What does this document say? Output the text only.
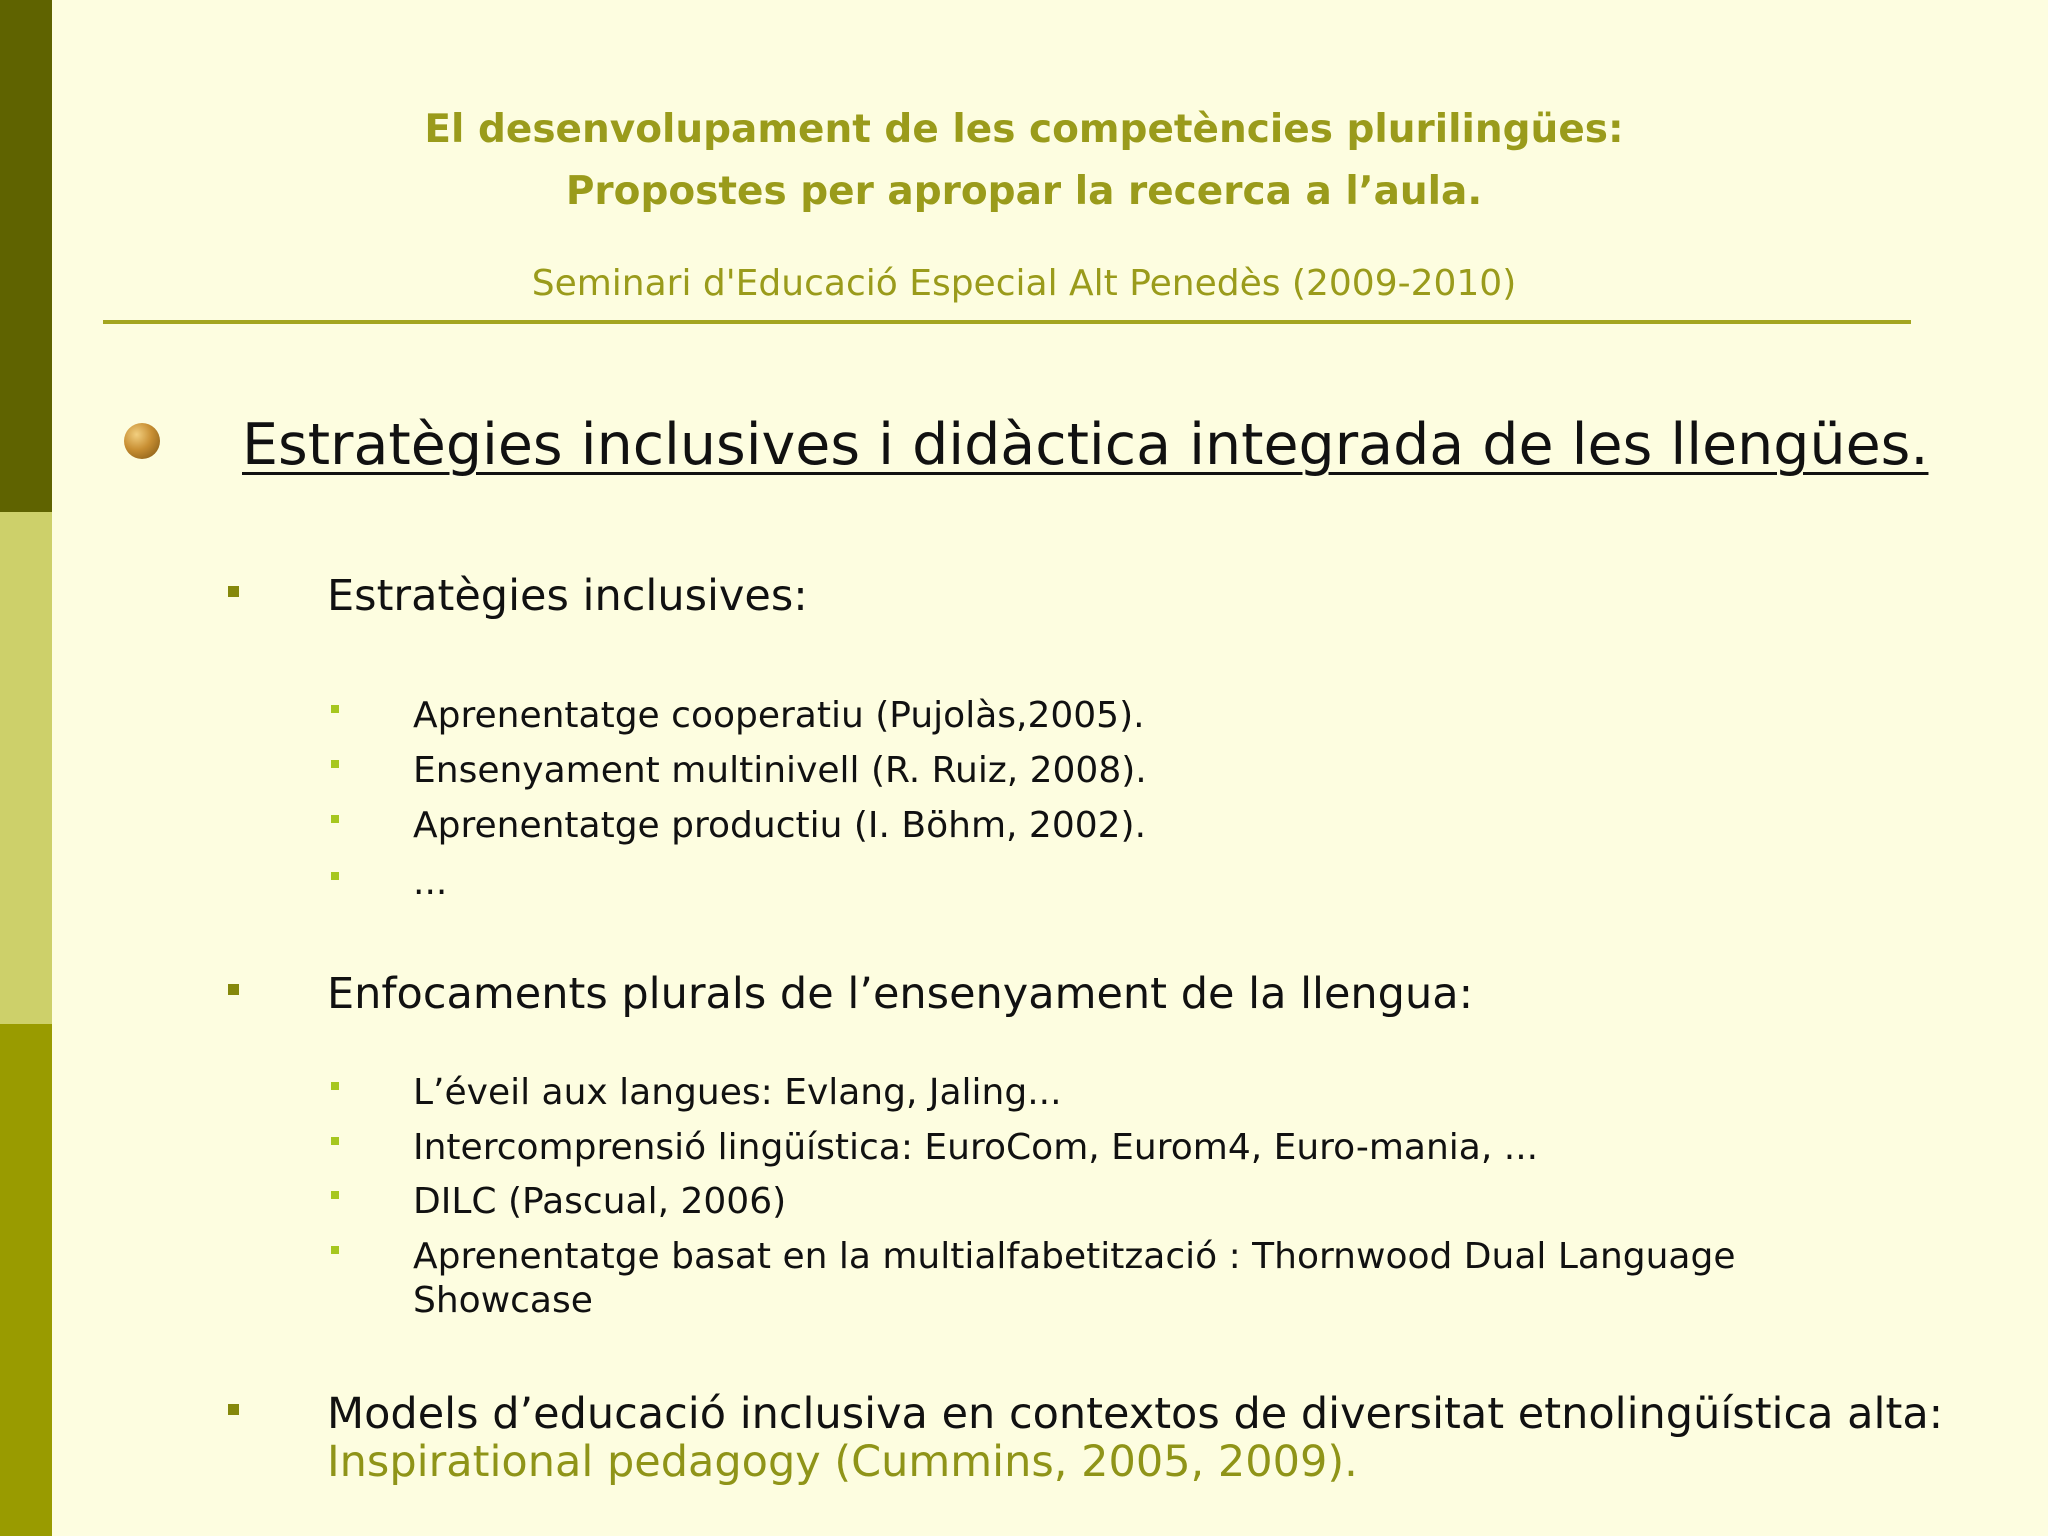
El desenvolupament de les competències plurilingües:
Propostes per apropar la recerca a l’aula.
Seminari d'Educació Especial Alt Penedès (2009-2010)
Estratègies inclusives i didàctica integrada de les llengües.
Estratègies inclusives:
Aprenentatge cooperatiu (Pujolàs,2005).
Ensenyament multinivell (R. Ruiz, 2008).
Aprenentatge productiu (I. Böhm, 2002).
...
Enfocaments plurals de l’ensenyament de la llengua:
L’éveil aux langues: Evlang, Jaling...
Intercomprensió lingüística: EuroCom, Eurom4, Euro-mania, ...
DILC (Pascual, 2006)
Aprenentatge basat en la multialfabetització : Thornwood Dual Language
Showcase
Models d’educació inclusiva en contextos de diversitat etnolingüística alta:
Inspirational pedagogy (Cummins, 2005, 2009).
